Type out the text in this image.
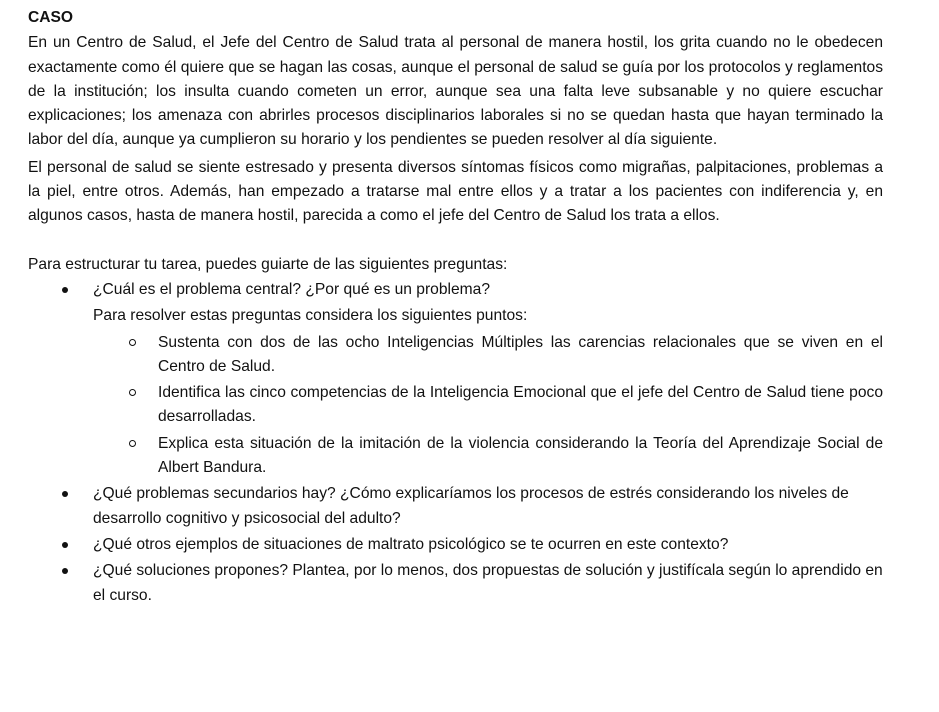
CASO

En un Centro de Salud, el Jefe del Centro de Salud trata al personal de manera hostil, los grita cuando no le obedecen exactamente como él quiere que se hagan las cosas, aunque el personal de salud se guía por los protocolos y reglamentos de la institución; los insulta cuando cometen un error, aunque sea una falta leve subsanable y no quiere escuchar explicaciones; los amenaza con abrirles procesos disciplinarios laborales si no se quedan hasta que hayan terminado la labor del día, aunque ya cumplieron su horario y los pendientes se pueden resolver al día siguiente.

El personal de salud se siente estresado y presenta diversos síntomas físicos como migrañas, palpitaciones, problemas a la piel, entre otros. Además, han empezado a tratarse mal entre ellos y a tratar a los pacientes con indiferencia y, en algunos casos, hasta de manera hostil, parecida a como el jefe del Centro de Salud los trata a ellos.

Para estructurar tu tarea, puedes guiarte de las siguientes preguntas:

¿Cuál es el problema central? ¿Por qué es un problema?
Para resolver estas preguntas considera los siguientes puntos:
Sustenta con dos de las ocho Inteligencias Múltiples las carencias relacionales que se viven en el Centro de Salud.
Identifica las cinco competencias de la Inteligencia Emocional que el jefe del Centro de Salud tiene poco desarrolladas.
Explica esta situación de la imitación de la violencia considerando la Teoría del Aprendizaje Social de Albert Bandura.
¿Qué problemas secundarios hay? ¿Cómo explicaríamos los procesos de estrés considerando los niveles de desarrollo cognitivo y psicosocial del adulto?
¿Qué otros ejemplos de situaciones de maltrato psicológico se te ocurren en este contexto?
¿Qué soluciones propones? Plantea, por lo menos, dos propuestas de solución y justifícala según lo aprendido en el curso.
